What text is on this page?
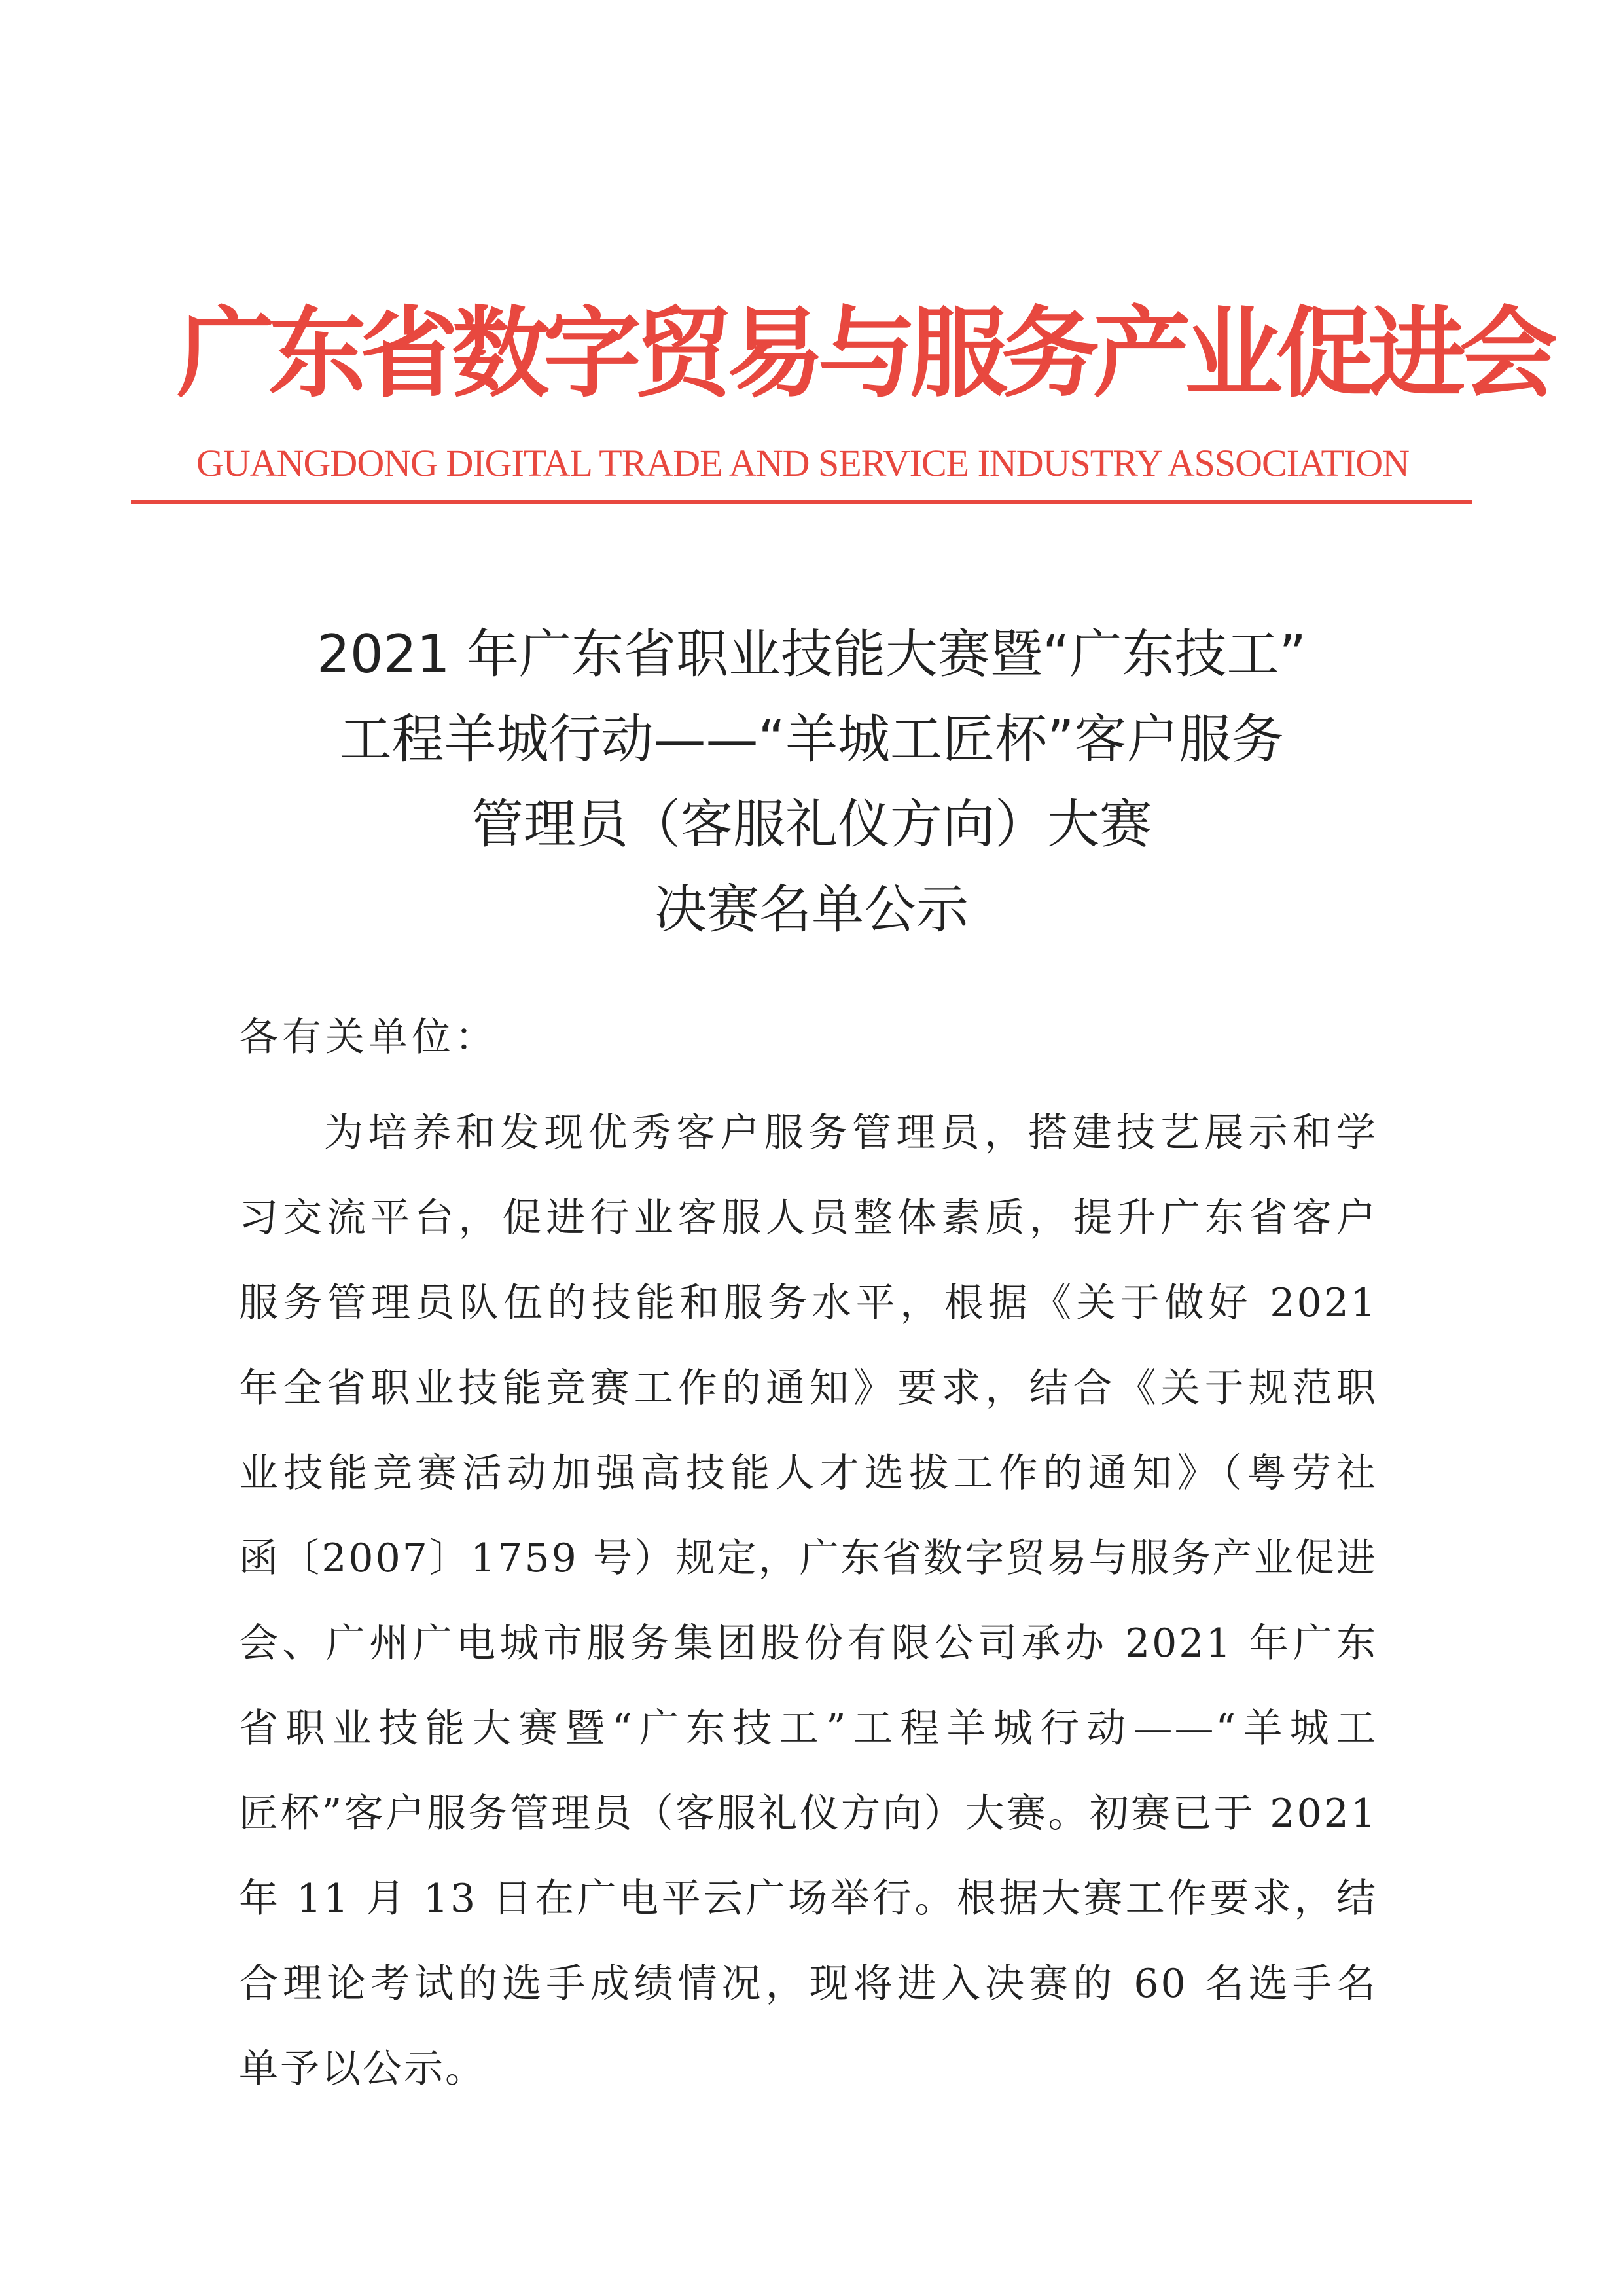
广东省数字贸易与服务产业促进会
GUANGDONG DIGITAL TRADE AND SERVICE INDUSTRY ASSOCIATION
2021 年广东省职业技能大赛暨“广东技工”
工程羊城行动——“羊城工匠杯”客户服务
管理员（客服礼仪方向）大赛
决赛名单公示
各有关单位：
为培养和发现优秀客户服务管理员，搭建技艺展示和学
习交流平台，促进行业客服人员整体素质，提升广东省客户
服务管理员队伍的技能和服务水平，根据《关于做好 2021
年全省职业技能竞赛工作的通知》要求，结合《关于规范职
业技能竞赛活动加强高技能人才选拔工作的通知》（粤劳社
函〔2007〕1759 号）规定，广东省数字贸易与服务产业促进
会、广州广电城市服务集团股份有限公司承办 2021 年广东
省职业技能大赛暨“广东技工”工程羊城行动——“羊城工
匠杯”客户服务管理员（客服礼仪方向）大赛。初赛已于 2021
年 11 月 13 日在广电平云广场举行。根据大赛工作要求，结
合理论考试的选手成绩情况，现将进入决赛的 60 名选手名
单予以公示。
